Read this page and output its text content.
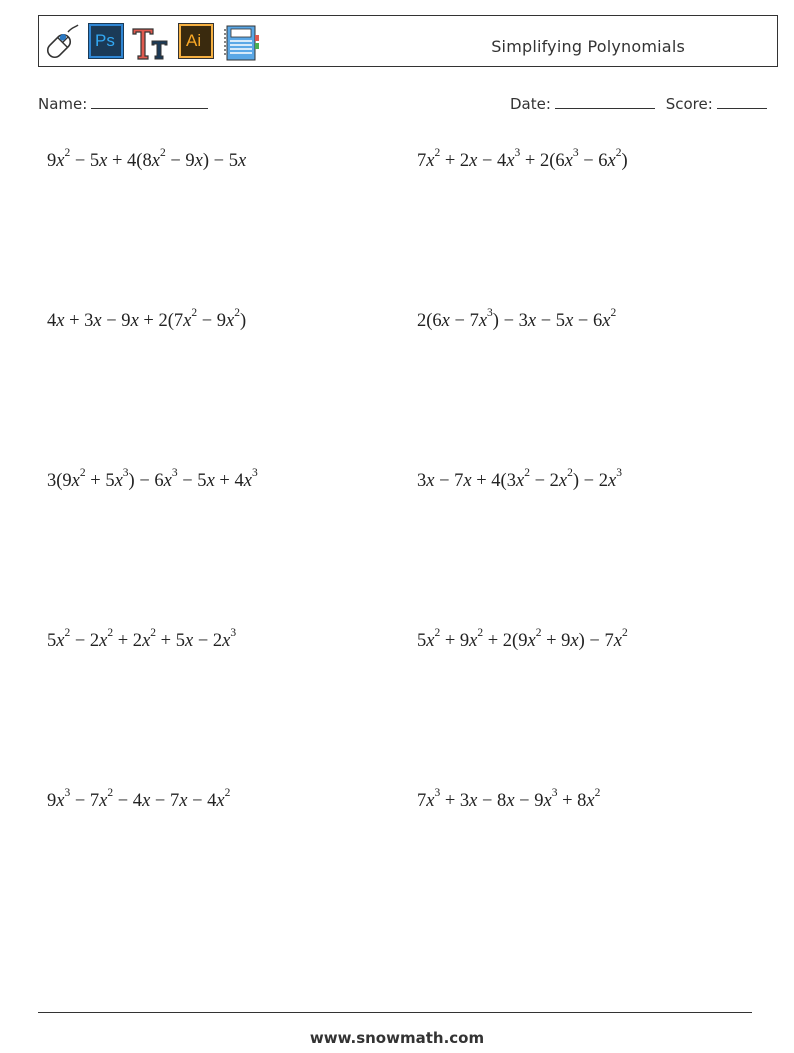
Ps	Ai	Simplifying Polynomials
Name:	Date:	Score:
$9x^2 - 5x + 4(8x^2 - 9x) - 5x$	$7x^2 + 2x - 4x^3 + 2(6x^3 - 6x^2)$
$4x + 3x - 9x + 2(7x^2 - 9x^2)$	$2(6x - 7x^3) - 3x - 5x - 6x^2$
$3(9x^2 + 5x^3) - 6x^3 - 5x + 4x^3$	$3x - 7x + 4(3x^2 - 2x^2) - 2x^3$
$5x^2 - 2x^2 + 2x^2 + 5x - 2x^3$	$5x^2 + 9x^2 + 2(9x^2 + 9x) - 7x^2$
$9x^3 - 7x^2 - 4x - 7x - 4x^2$	$7x^3 + 3x - 8x - 9x^3 + 8x^2$
www.snowmath.com
